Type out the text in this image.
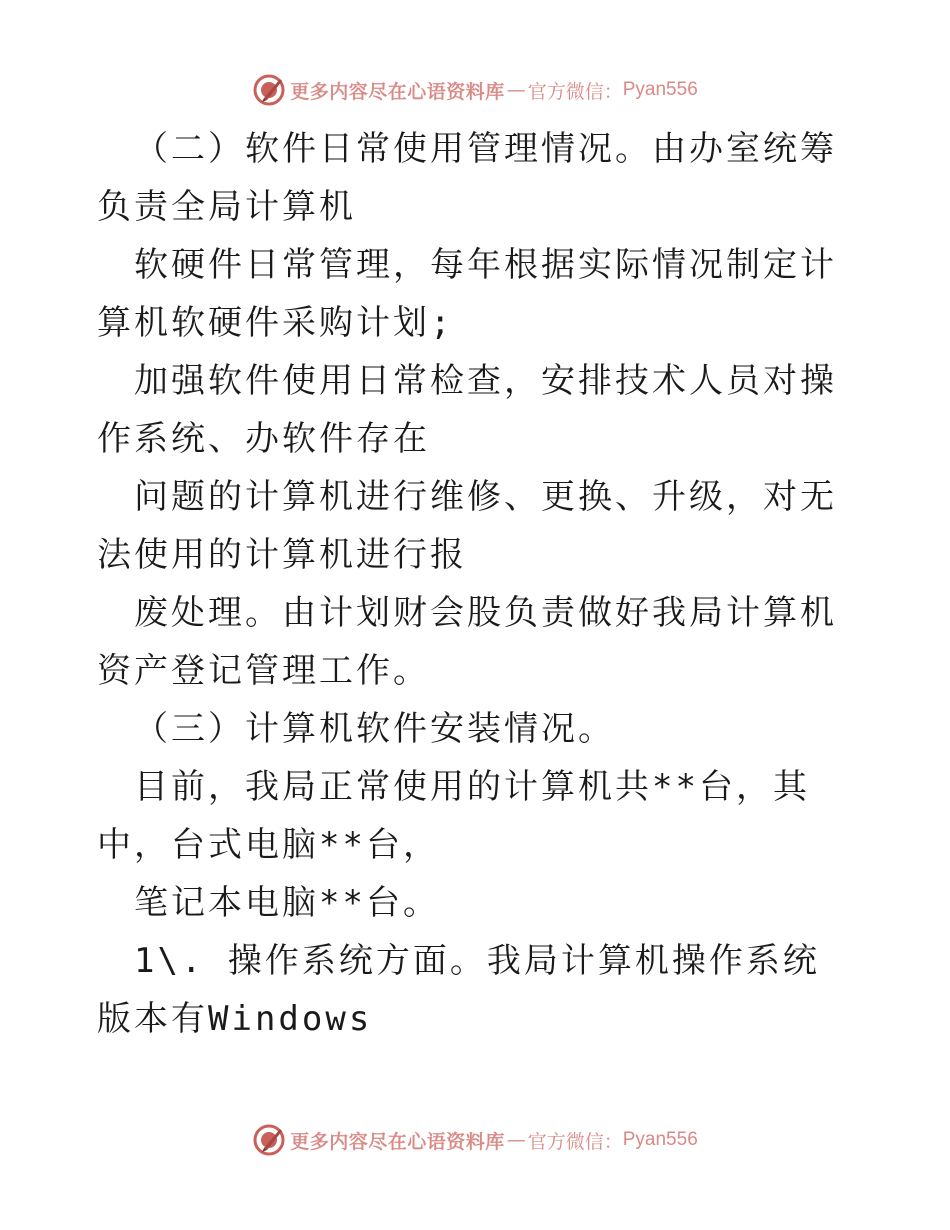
更多内容尽在心语资料库 — 官方微信： Pyan556

（二）软件日常使用管理情况。由办室统筹负责全局计算机

软硬件日常管理，每年根据实际情况制定计算机软硬件采购计划;

加强软件使用日常检查，安排技术人员对操作系统、办软件存在

问题的计算机进行维修、更换、升级，对无法使用的计算机进行报

废处理。由计划财会股负责做好我局计算机资产登记管理工作。

（三）计算机软件安装情况。

目前，我局正常使用的计算机共**台，其中，台式电脑**台，

笔记本电脑**台。

1\. 操作系统方面。我局计算机操作系统版本有Windows

更多内容尽在心语资料库 — 官方微信： Pyan556
